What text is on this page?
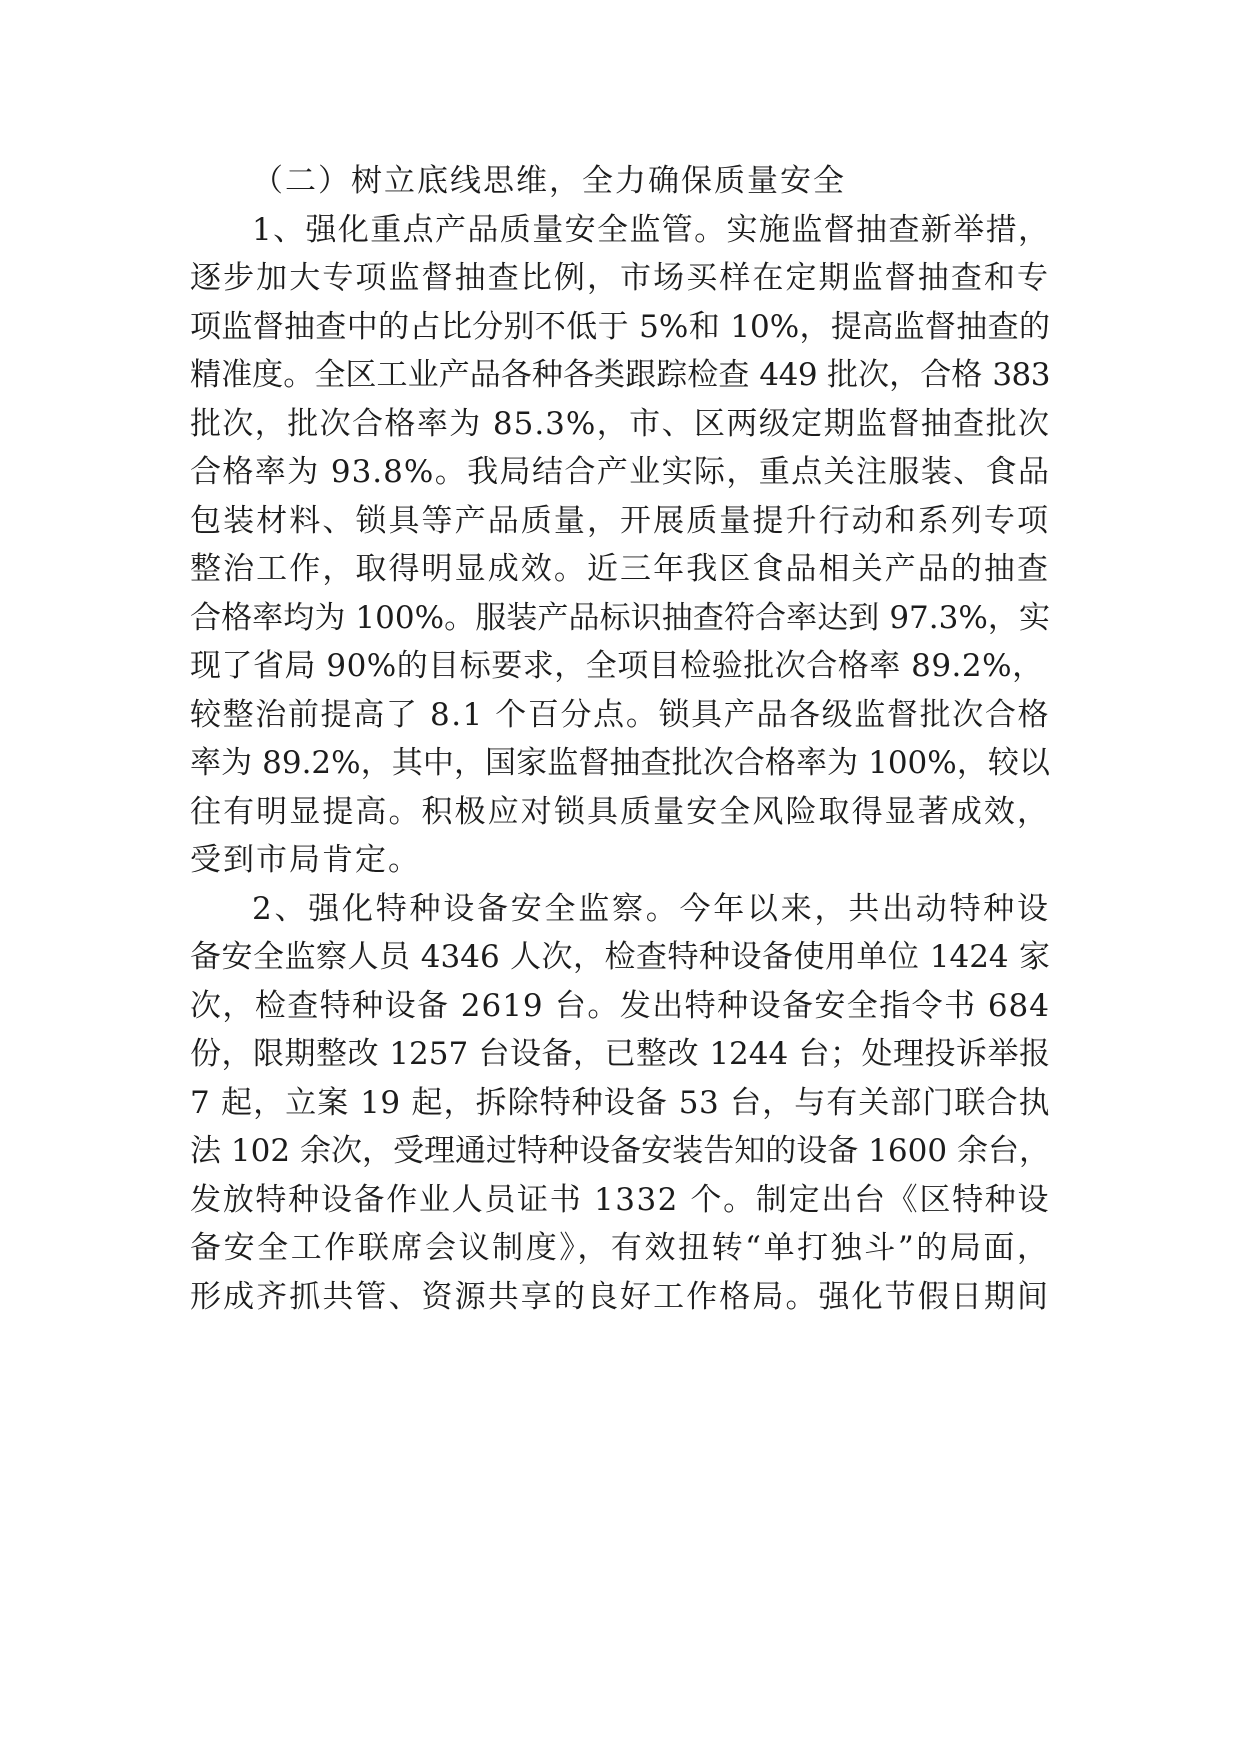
（二）树立底线思维，全力确保质量安全
1、强化重点产品质量安全监管。实施监督抽查新举措，
逐步加大专项监督抽查比例，市场买样在定期监督抽查和专
项监督抽查中的占比分别不低于 5%和 10%，提高监督抽查的
精准度。全区工业产品各种各类跟踪检查 449 批次，合格 383
批次，批次合格率为 85.3%，市、区两级定期监督抽查批次
合格率为 93.8%。我局结合产业实际，重点关注服装、食品
包装材料、锁具等产品质量，开展质量提升行动和系列专项
整治工作，取得明显成效。近三年我区食品相关产品的抽查
合格率均为 100%。服装产品标识抽查符合率达到 97.3%，实
现了省局 90%的目标要求，全项目检验批次合格率 89.2%，
较整治前提高了 8.1 个百分点。锁具产品各级监督批次合格
率为 89.2%，其中，国家监督抽查批次合格率为 100%，较以
往有明显提高。积极应对锁具质量安全风险取得显著成效，
受到市局肯定。
2、强化特种设备安全监察。今年以来，共出动特种设
备安全监察人员 4346 人次，检查特种设备使用单位 1424 家
次，检查特种设备 2619 台。发出特种设备安全指令书 684
份，限期整改 1257 台设备，已整改 1244 台；处理投诉举报
7 起，立案 19 起，拆除特种设备 53 台，与有关部门联合执
法 102 余次，受理通过特种设备安装告知的设备 1600 余台，
发放特种设备作业人员证书 1332 个。制定出台《区特种设
备安全工作联席会议制度》，有效扭转“单打独斗”的局面，
形成齐抓共管、资源共享的良好工作格局。强化节假日期间
